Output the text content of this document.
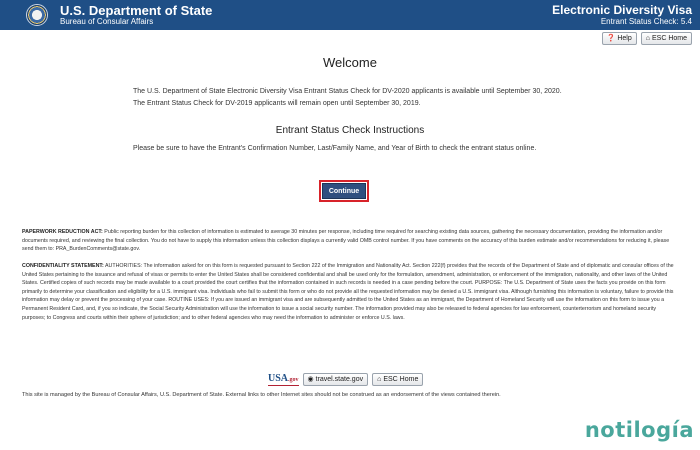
U.S. Department of State
Bureau of Consular Affairs
Electronic Diversity Visa
Entrant Status Check: 5.4
❓ Help ⌂ ESC Home
Welcome
The U.S. Department of State Electronic Diversity Visa Entrant Status Check for DV-2020 applicants is available until September 30, 2020. The Entrant Status Check for DV-2019 applicants will remain open until September 30, 2019.
Entrant Status Check Instructions
Please be sure to have the Entrant's Confirmation Number, Last/Family Name, and Year of Birth to check the entrant status online.
Continue
PAPERWORK REDUCTION ACT: Public reporting burden for this collection of information is estimated to average 30 minutes per response, including time required for searching existing data sources, gathering the necessary documentation, providing the information and/or documents required, and reviewing the final collection. You do not have to supply this information unless this collection displays a currently valid OMB control number. If you have comments on the accuracy of this burden estimate and/or recommendations for reducing it, please send them to: PRA_BurdenComments@state.gov.
CONFIDENTIALITY STATEMENT: AUTHORITIES: The information asked for on this form is requested pursuant to Section 222 of the Immigration and Nationality Act. Section 222(f) provides that the records of the Department of State and of diplomatic and consular offices of the United States pertaining to the issuance and refusal of visas or permits to enter the United States shall be considered confidential and shall be used only for the formulation, amendment, administration, or enforcement of the immigration, nationality, and other laws of the United States. Certified copies of such records may be made available to a court provided the court certifies that the information contained in such records is needed in a case pending before the court. PURPOSE: The U.S. Department of State uses the facts you provide on this form primarily to determine your classification and eligibility for a U.S. immigrant visa. Individuals who fail to submit this form or who do not provide all the requested information may be denied a U.S. immigrant visa. Although furnishing this information is voluntary, failure to provide this information may delay or prevent the processing of your case. ROUTINE USES: If you are issued an immigrant visa and are subsequently admitted to the United States as an immigrant, the Department of Homeland Security will use the information on this form to issue you a Permanent Resident Card, and, if you so indicate, the Social Security Administration will use the information to issue a social security number. The information provided may also be released to federal agencies for law enforcement, counterterrorism and homeland security purposes; to Congress and courts within their sphere of jurisdiction; and to other federal agencies who may need the information to administer or enforce U.S. laws.
USA.gov ◉ travel.state.gov ⌂ ESC Home
This site is managed by the Bureau of Consular Affairs, U.S. Department of State. External links to other Internet sites should not be construed as an endorsement of the views contained therein.
notilogía
